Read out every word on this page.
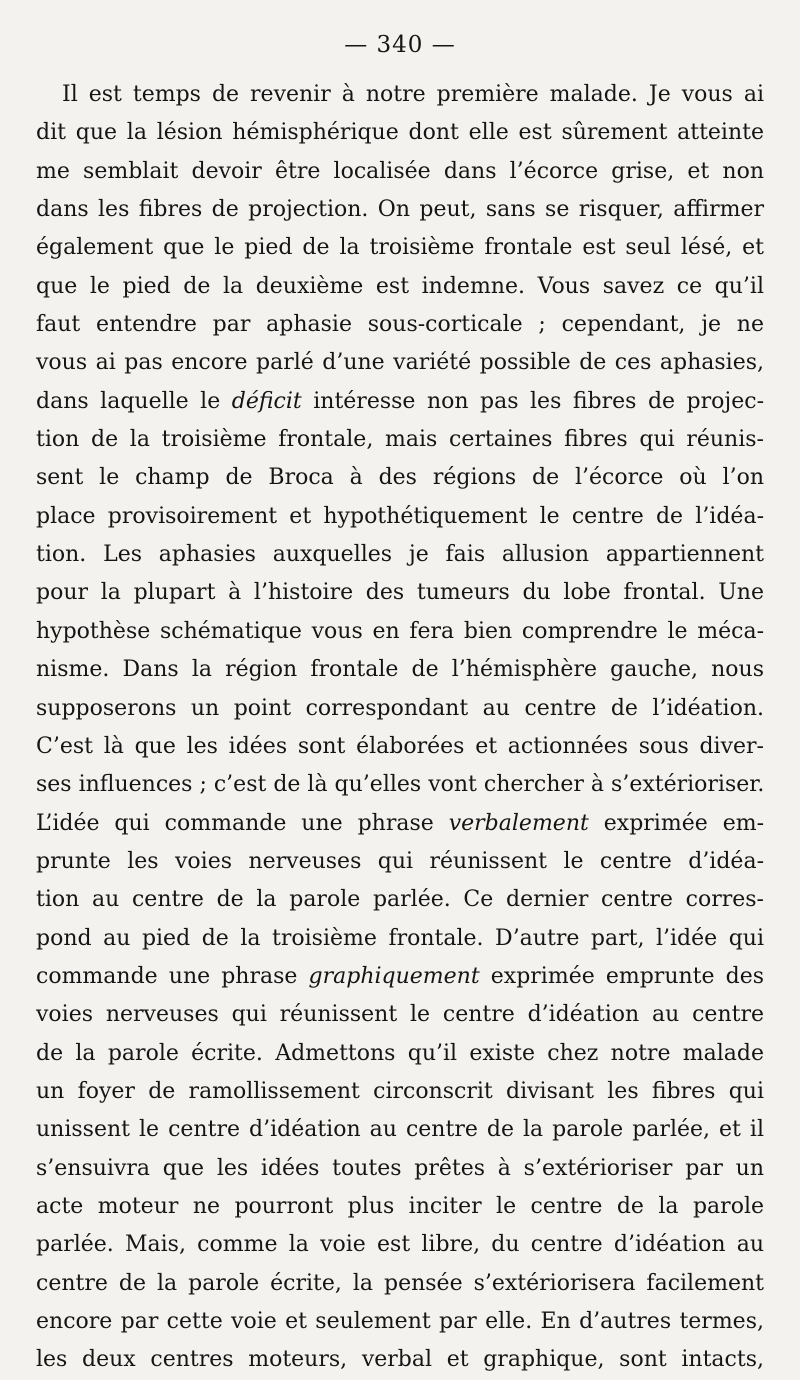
— 340 —
Il est temps de revenir à notre première malade. Je vous ai
dit que la lésion hémisphérique dont elle est sûrement atteinte
me semblait devoir être localisée dans l’écorce grise, et non
dans les fibres de projection. On peut, sans se risquer, affirmer
également que le pied de la troisième frontale est seul lésé, et
que le pied de la deuxième est indemne. Vous savez ce qu’il
faut entendre par aphasie sous-corticale ; cependant, je ne
vous ai pas encore parlé d’une variété possible de ces aphasies,
dans laquelle le déficit intéresse non pas les fibres de projec-
tion de la troisième frontale, mais certaines fibres qui réunis-
sent le champ de Broca à des régions de l’écorce où l’on
place provisoirement et hypothétiquement le centre de l’idéa-
tion. Les aphasies auxquelles je fais allusion appartiennent
pour la plupart à l’histoire des tumeurs du lobe frontal. Une
hypothèse schématique vous en fera bien comprendre le méca-
nisme. Dans la région frontale de l’hémisphère gauche, nous
supposerons un point correspondant au centre de l’idéation.
C’est là que les idées sont élaborées et actionnées sous diver-
ses influences ; c’est de là qu’elles vont chercher à s’extérioriser.
L’idée qui commande une phrase verbalement exprimée em-
prunte les voies nerveuses qui réunissent le centre d’idéa-
tion au centre de la parole parlée. Ce dernier centre corres-
pond au pied de la troisième frontale. D’autre part, l’idée qui
commande une phrase graphiquement exprimée emprunte des
voies nerveuses qui réunissent le centre d’idéation au centre
de la parole écrite. Admettons qu’il existe chez notre malade
un foyer de ramollissement circonscrit divisant les fibres qui
unissent le centre d’idéation au centre de la parole parlée, et il
s’ensuivra que les idées toutes prêtes à s’extérioriser par un
acte moteur ne pourront plus inciter le centre de la parole
parlée. Mais, comme la voie est libre, du centre d’idéation au
centre de la parole écrite, la pensée s’extériorisera facilement
encore par cette voie et seulement par elle. En d’autres termes,
les deux centres moteurs, verbal et graphique, sont intacts,
